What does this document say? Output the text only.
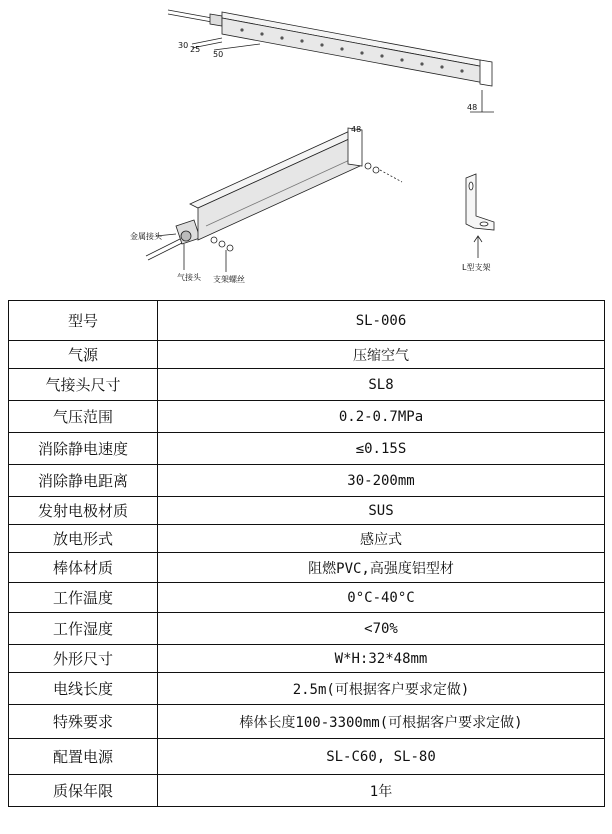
30 25
50
48
48
金属接头
气接头 支架螺丝
L型支架
型号	SL-006
气源	压缩空气
气接头尺寸	SL8
气压范围	0.2-0.7MPa
消除静电速度	≤0.15S
消除静电距离	30-200mm
发射电极材质	SUS
放电形式	感应式
棒体材质	阻燃PVC,高强度铝型材
工作温度	0°C-40°C
工作湿度	<70%
外形尺寸	W*H:32*48mm
电线长度	2.5m(可根据客户要求定做)
特殊要求	棒体长度100-3300mm(可根据客户要求定做)
配置电源	SL-C60, SL-80
质保年限	1年
